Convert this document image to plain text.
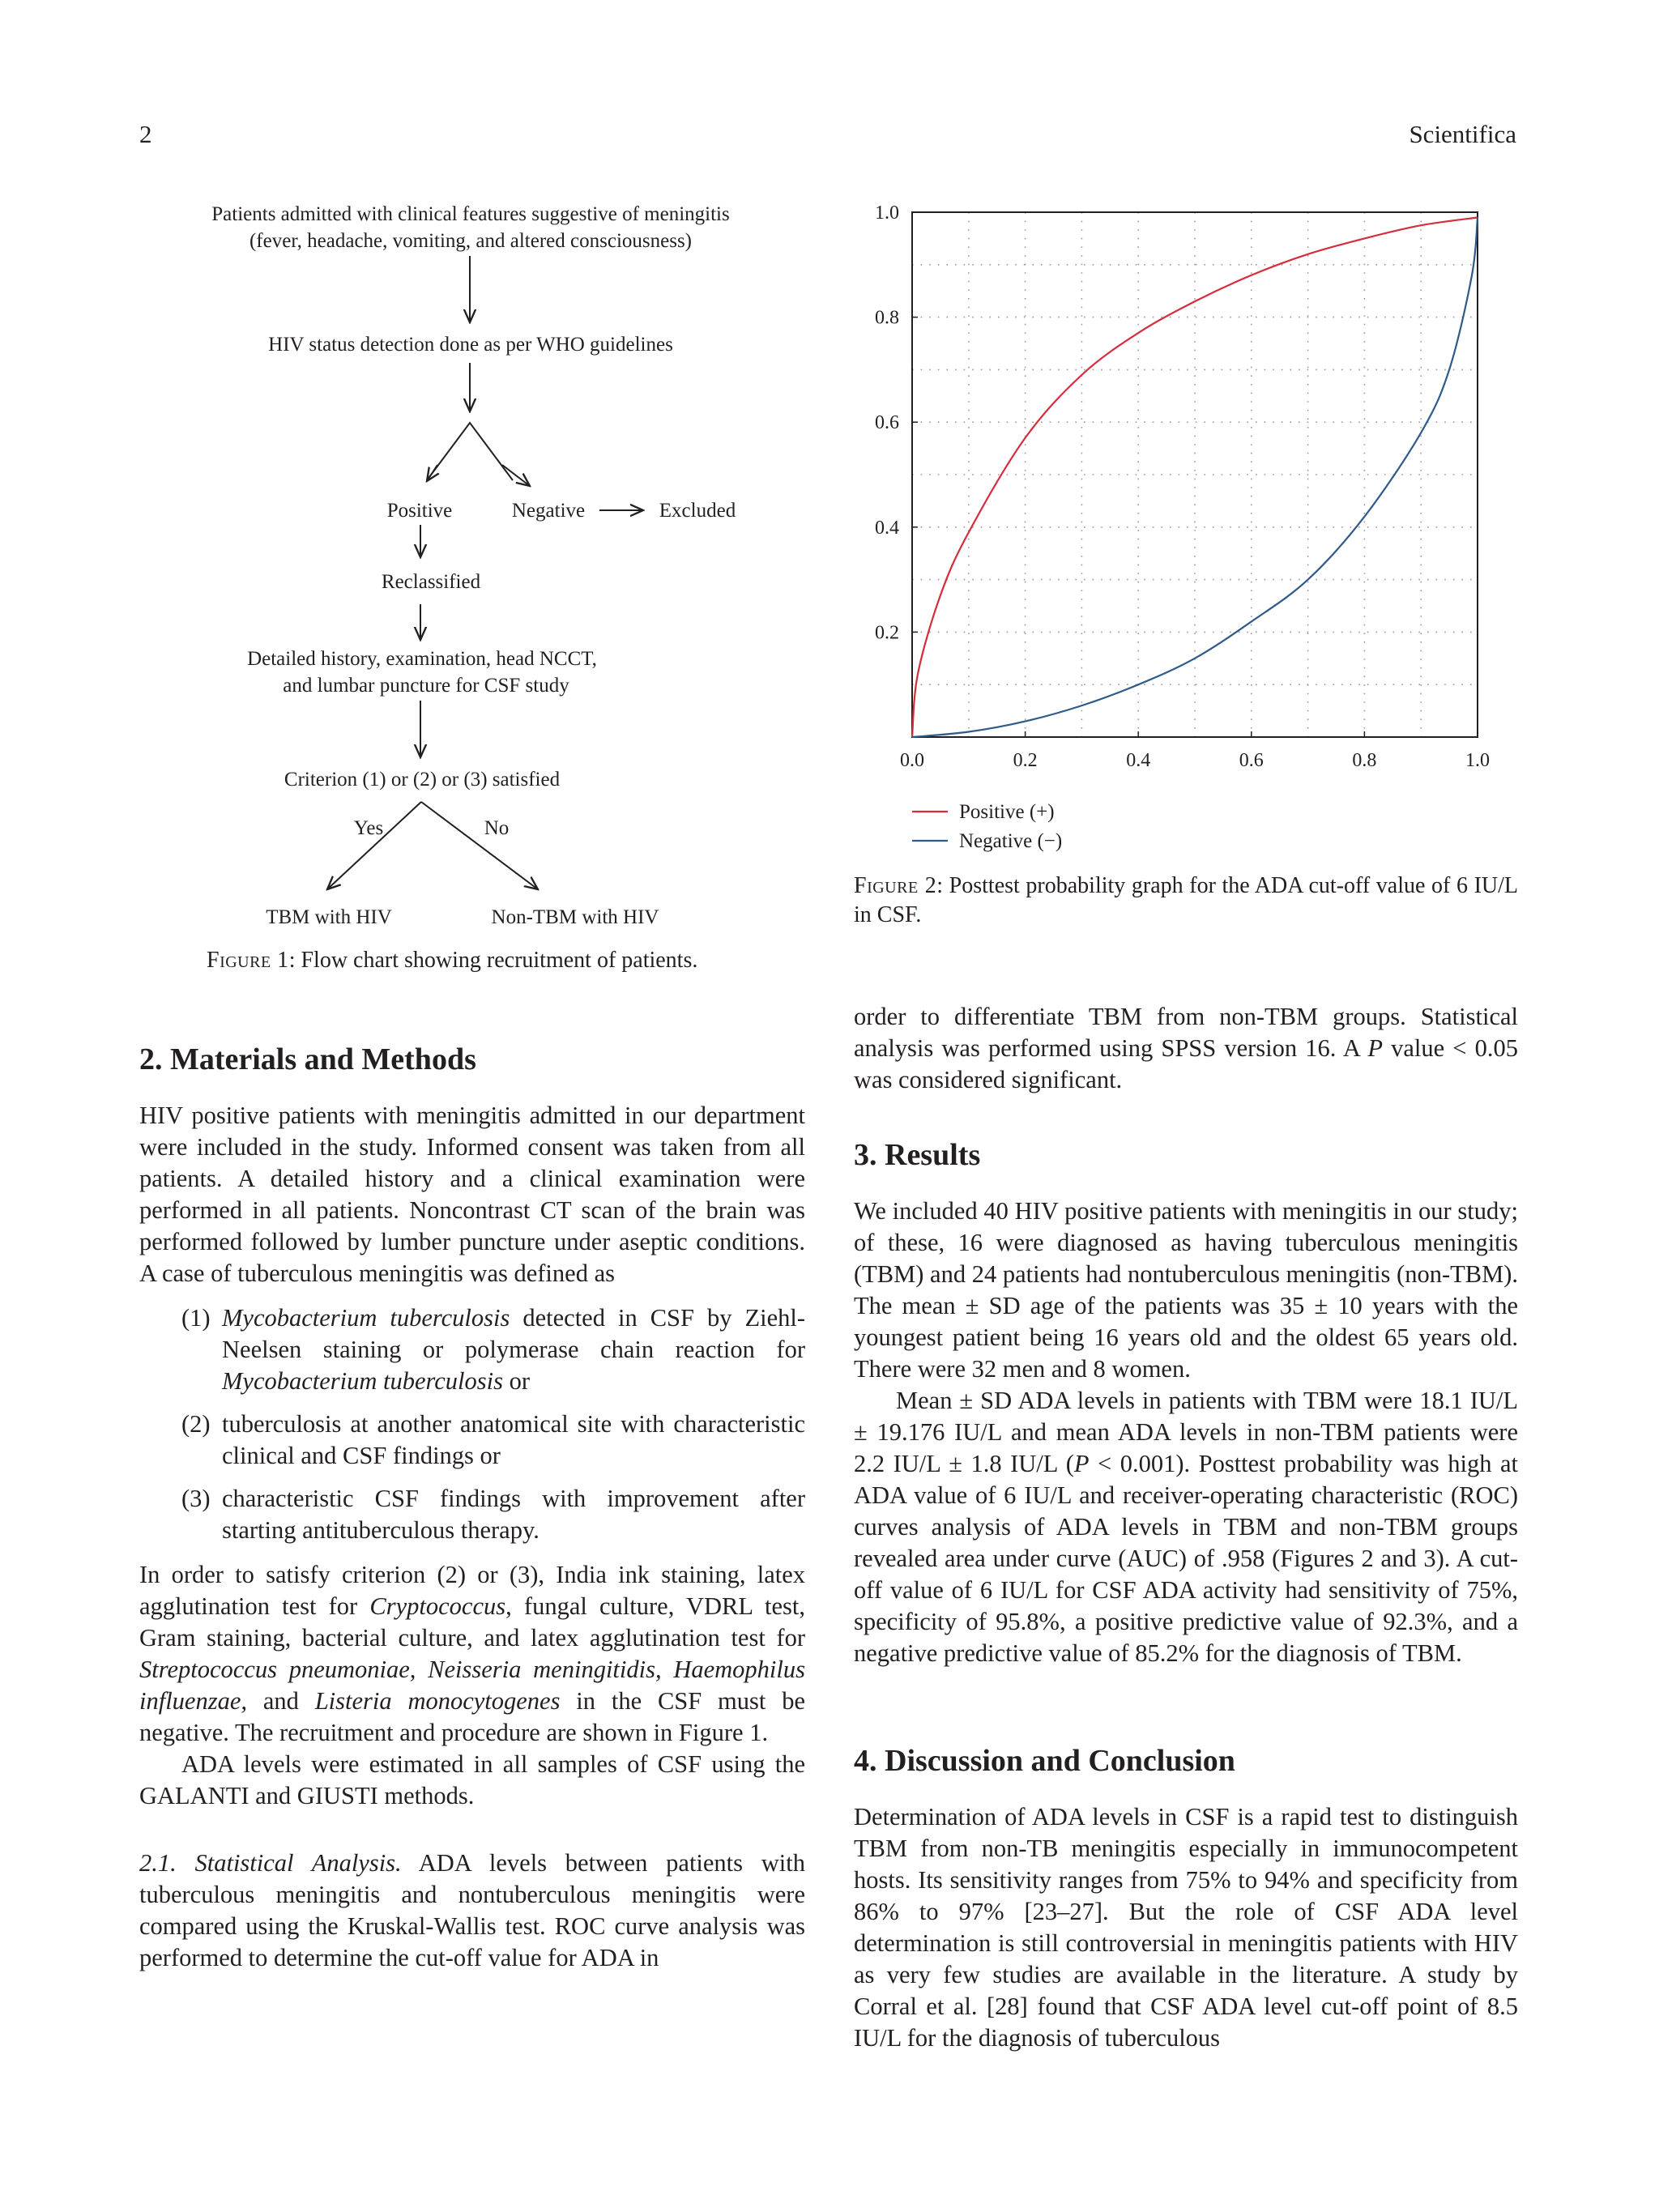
2	Scientifica
Patients admitted with clinical features suggestive of meningitis
(fever, headache, vomiting, and altered consciousness)
HIV status detection done as per WHO guidelines
Positive	Negative	Excluded
Reclassified
Detailed history, examination, head NCCT,
and lumbar puncture for CSF study
Criterion (1) or (2) or (3) satisfied
Yes	No
TBM with HIV	Non-TBM with HIV
Figure 1: Flow chart showing recruitment of patients.
0.0	0.2	0.4	0.6	0.8	1.0
0.2
0.4
0.6
0.8
1.0
Positive (+)
Negative (−)
Figure 2: Posttest probability graph for the ADA cut-off value of 6 IU/L in CSF.
2. Materials and Methods

HIV positive patients with meningitis admitted in our department were included in the study. Informed consent was taken from all patients. A detailed history and a clinical examination were performed in all patients. Noncontrast CT scan of the brain was performed followed by lumber puncture under aseptic conditions. A case of tuberculous meningitis was defined as

(1) Mycobacterium tuberculosis detected in CSF by Ziehl-Neelsen staining or polymerase chain reaction for Mycobacterium tuberculosis or
(2) tuberculosis at another anatomical site with characteristic clinical and CSF findings or
(3) characteristic CSF findings with improvement after starting antituberculous therapy.

In order to satisfy criterion (2) or (3), India ink staining, latex agglutination test for Cryptococcus, fungal culture, VDRL test, Gram staining, bacterial culture, and latex agglutination test for Streptococcus pneumoniae, Neisseria meningitidis, Haemophilus influenzae, and Listeria monocytogenes in the CSF must be negative. The recruitment and procedure are shown in Figure 1.

ADA levels were estimated in all samples of CSF using the GALANTI and GIUSTI methods.

2.1. Statistical Analysis. ADA levels between patients with tuberculous meningitis and nontuberculous meningitis were compared using the Kruskal-Wallis test. ROC curve analysis was performed to determine the cut-off value for ADA in

order to differentiate TBM from non-TBM groups. Statistical analysis was performed using SPSS version 16. A P value < 0.05 was considered significant.

3. Results

We included 40 HIV positive patients with meningitis in our study; of these, 16 were diagnosed as having tuberculous meningitis (TBM) and 24 patients had nontuberculous meningitis (non-TBM). The mean ± SD age of the patients was 35 ± 10 years with the youngest patient being 16 years old and the oldest 65 years old. There were 32 men and 8 women.

Mean ± SD ADA levels in patients with TBM were 18.1 IU/L ± 19.176 IU/L and mean ADA levels in non-TBM patients were 2.2 IU/L ± 1.8 IU/L (P < 0.001). Posttest probability was high at ADA value of 6 IU/L and receiver-operating characteristic (ROC) curves analysis of ADA levels in TBM and non-TBM groups revealed area under curve (AUC) of .958 (Figures 2 and 3). A cut-off value of 6 IU/L for CSF ADA activity had sensitivity of 75%, specificity of 95.8%, a positive predictive value of 92.3%, and a negative predictive value of 85.2% for the diagnosis of TBM.

4. Discussion and Conclusion

Determination of ADA levels in CSF is a rapid test to distinguish TBM from non-TB meningitis especially in immunocompetent hosts. Its sensitivity ranges from 75% to 94% and specificity from 86% to 97% [23–27]. But the role of CSF ADA level determination is still controversial in meningitis patients with HIV as very few studies are available in the literature. A study by Corral et al. [28] found that CSF ADA level cut-off point of 8.5 IU/L for the diagnosis of tuberculous
